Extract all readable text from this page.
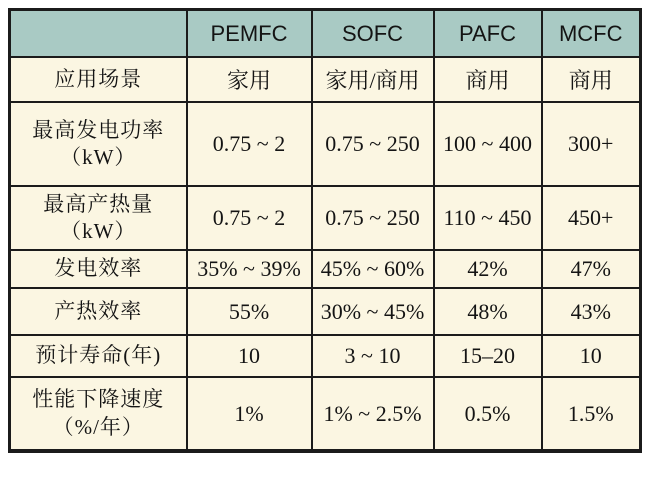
	PEMFC	SOFC	PAFC	MCFC

应用场景	家用	家用/商用	商用	商用

最高发电功率
（kW）	0.75 ~ 2	0.75 ~ 250	100 ~ 400	300+

最高产热量
（kW）	0.75 ~ 2	0.75 ~ 250	110 ~ 450	450+

发电效率	35% ~ 39%	45% ~ 60%	42%	47%

产热效率	55%	30% ~ 45%	48%	43%

预计寿命(年)	10	3 ~ 10	15–20	10

性能下降速度
（%/年）	1%	1% ~ 2.5%	0.5%	1.5%
